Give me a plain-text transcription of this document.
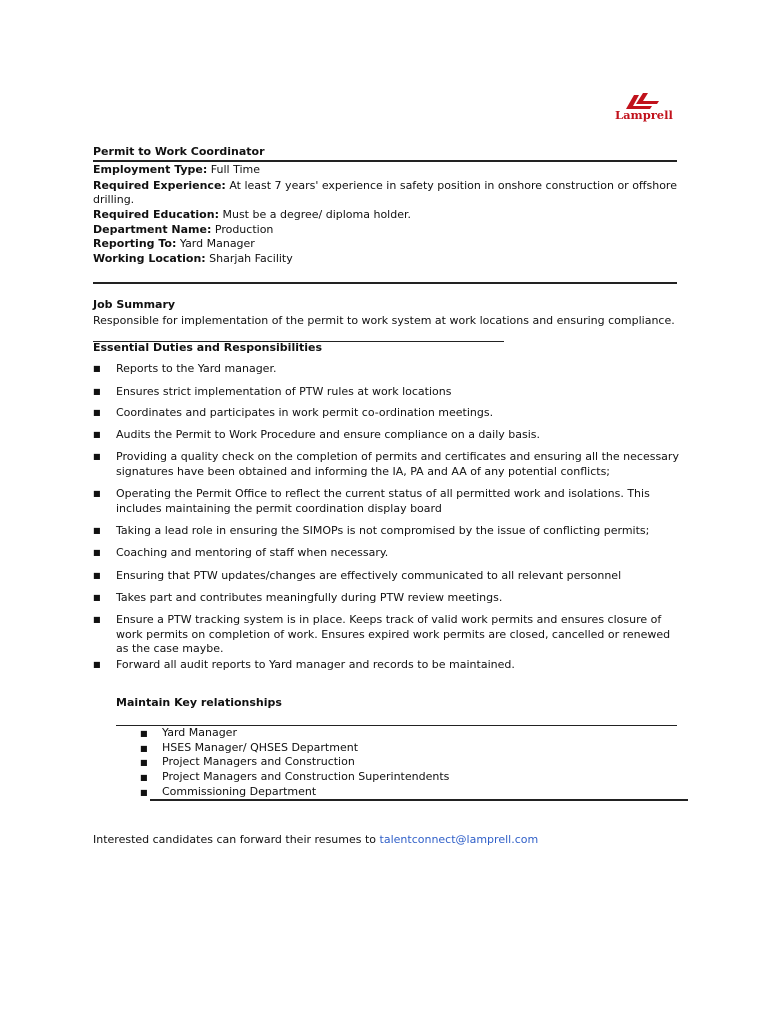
Lamprell
Permit to Work Coordinator
Employment Type: Full Time
Required Experience: At least 7 years' experience in safety position in onshore construction or offshore
drilling.
Required Education: Must be a degree/ diploma holder.
Department Name: Production
Reporting To: Yard Manager
Working Location: Sharjah Facility
Job Summary
Responsible for implementation of the permit to work system at work locations and ensuring compliance.
Essential Duties and Responsibilities
■ Reports to the Yard manager.
■ Ensures strict implementation of PTW rules at work locations
■ Coordinates and participates in work permit co-ordination meetings.
■ Audits the Permit to Work Procedure and ensure compliance on a daily basis.
■ Providing a quality check on the completion of permits and certificates and ensuring all the necessary signatures have been obtained and informing the IA, PA and AA of any potential conflicts;
■ Operating the Permit Office to reflect the current status of all permitted work and isolations. This includes maintaining the permit coordination display board
■ Taking a lead role in ensuring the SIMOPs is not compromised by the issue of conflicting permits;
■ Coaching and mentoring of staff when necessary.
■ Ensuring that PTW updates/changes are effectively communicated to all relevant personnel
■ Takes part and contributes meaningfully during PTW review meetings.
■ Ensure a PTW tracking system is in place. Keeps track of valid work permits and ensures closure of work permits on completion of work. Ensures expired work permits are closed, cancelled or renewed as the case maybe.
■ Forward all audit reports to Yard manager and records to be maintained.
Maintain Key relationships
■ Yard Manager
■ HSES Manager/ QHSES Department
■ Project Managers and Construction
■ Project Managers and Construction Superintendents
■ Commissioning Department
Interested candidates can forward their resumes to talentconnect@lamprell.com
